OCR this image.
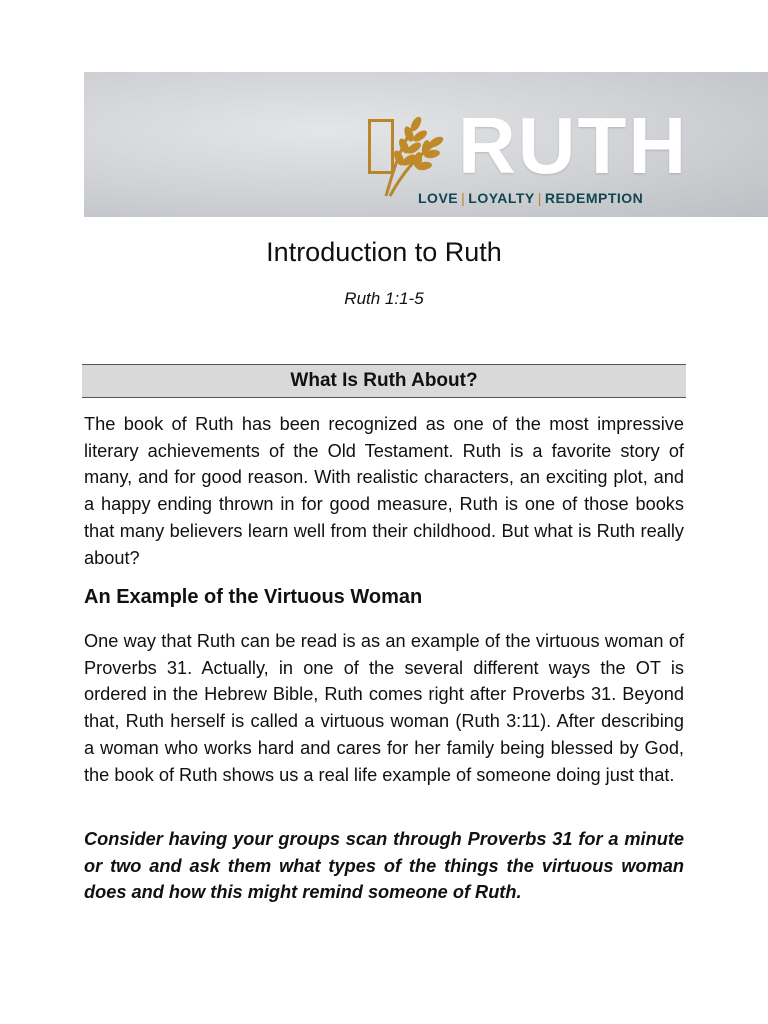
RUTH
LOVE | LOYALTY | REDEMPTION
Introduction to Ruth
Ruth 1:1-5
What Is Ruth About?
The book of Ruth has been recognized as one of the most impressive literary achievements of the Old Testament. Ruth is a favorite story of many, and for good reason. With realistic characters, an exciting plot, and a happy ending thrown in for good measure, Ruth is one of those books that many believers learn well from their childhood. But what is Ruth really about?
An Example of the Virtuous Woman
One way that Ruth can be read is as an example of the virtuous woman of Proverbs 31. Actually, in one of the several different ways the OT is ordered in the Hebrew Bible, Ruth comes right after Proverbs 31. Beyond that, Ruth herself is called a virtuous woman (Ruth 3:11). After describing a woman who works hard and cares for her family being blessed by God, the book of Ruth shows us a real life example of someone doing just that.
Consider having your groups scan through Proverbs 31 for a minute or two and ask them what types of the things the virtuous woman does and how this might remind someone of Ruth.
